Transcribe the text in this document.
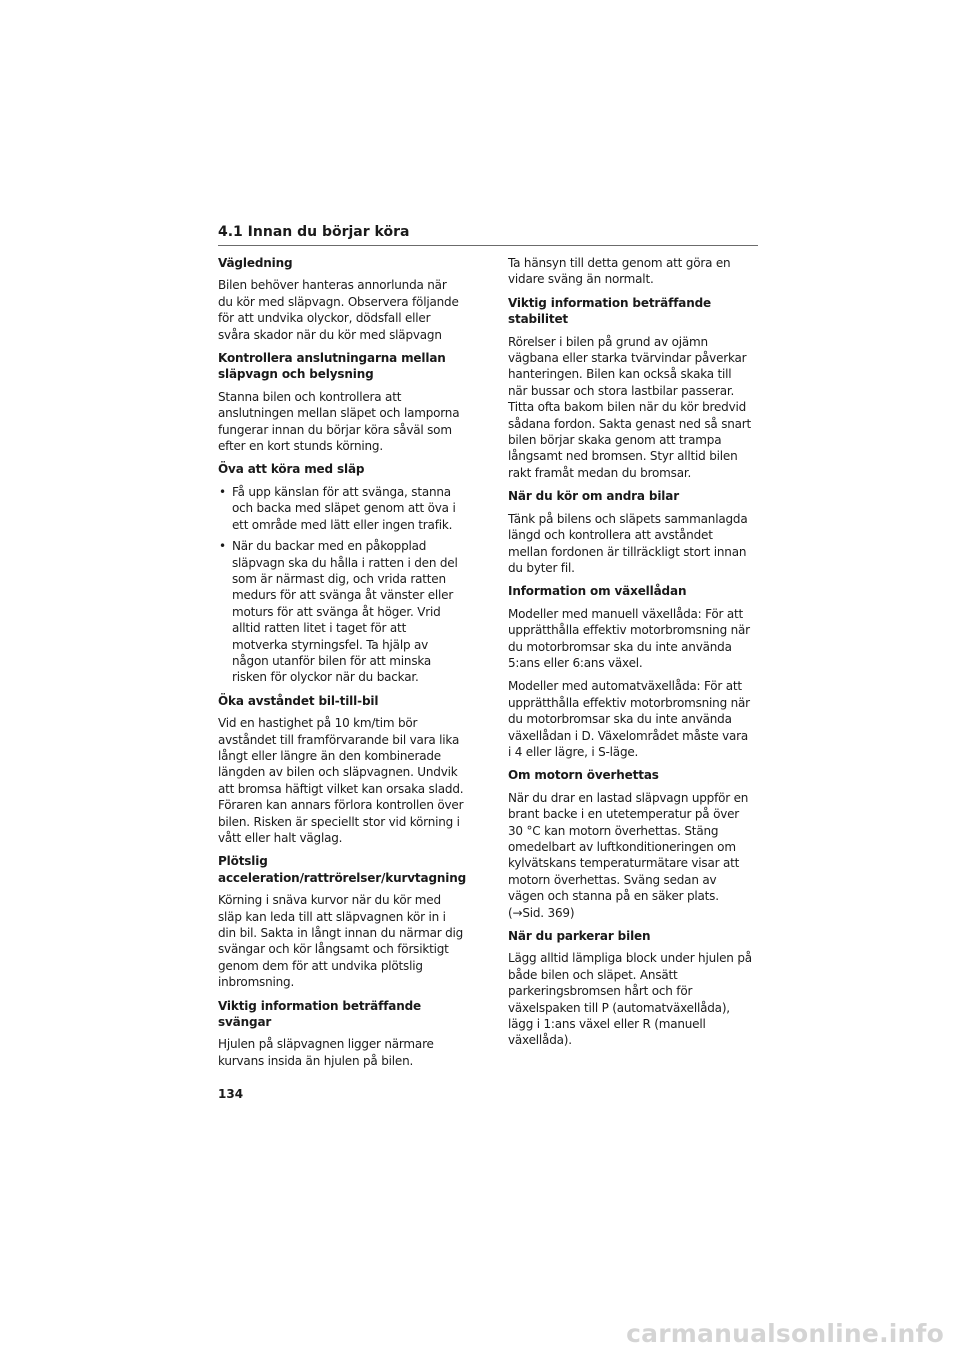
4.1 Innan du börjar köra
Vägledning
Bilen behöver hanteras annorlunda när du kör med släpvagn. Observera följande för att undvika olyckor, dödsfall eller svåra skador när du kör med släpvagn
Kontrollera anslutningarna mellan släpvagn och belysning
Stanna bilen och kontrollera att anslutningen mellan släpet och lamporna fungerar innan du börjar köra såväl som efter en kort stunds körning.
Öva att köra med släp
• Få upp känslan för att svänga, stanna och backa med släpet genom att öva i ett område med lätt eller ingen trafik.
• När du backar med en påkopplad släpvagn ska du hålla i ratten i den del som är närmast dig, och vrida ratten medurs för att svänga åt vänster eller moturs för att svänga åt höger. Vrid alltid ratten litet i taget för att motverka styrningsfel. Ta hjälp av någon utanför bilen för att minska risken för olyckor när du backar.
Öka avståndet bil-till-bil
Vid en hastighet på 10 km/tim bör avståndet till framförvarande bil vara lika långt eller längre än den kombinerade längden av bilen och släpvagnen. Undvik att bromsa häftigt vilket kan orsaka sladd. Föraren kan annars förlora kontrollen över bilen. Risken är speciellt stor vid körning i vått eller halt väglag.
Plötslig acceleration/rattrörelser/kurvtagning
Körning i snäva kurvor när du kör med släp kan leda till att släpvagnen kör in i din bil. Sakta in långt innan du närmar dig svängar och kör långsamt och försiktigt genom dem för att undvika plötslig inbromsning.
Viktig information beträffande svängar
Hjulen på släpvagnen ligger närmare kurvans insida än hjulen på bilen.
Ta hänsyn till detta genom att göra en vidare sväng än normalt.
Viktig information beträffande stabilitet
Rörelser i bilen på grund av ojämn vägbana eller starka tvärvindar påverkar hanteringen. Bilen kan också skaka till när bussar och stora lastbilar passerar. Titta ofta bakom bilen när du kör bredvid sådana fordon. Sakta genast ned så snart bilen börjar skaka genom att trampa långsamt ned bromsen. Styr alltid bilen rakt framåt medan du bromsar.
När du kör om andra bilar
Tänk på bilens och släpets sammanlagda längd och kontrollera att avståndet mellan fordonen är tillräckligt stort innan du byter fil.
Information om växellådan
Modeller med manuell växellåda: För att upprätthålla effektiv motorbromsning när du motorbromsar ska du inte använda 5:ans eller 6:ans växel.
Modeller med automatväxellåda: För att upprätthålla effektiv motorbromsning när du motorbromsar ska du inte använda växellådan i D. Växelområdet måste vara i 4 eller lägre, i S-läge.
Om motorn överhettas
När du drar en lastad släpvagn uppför en brant backe i en utetemperatur på över 30 °C kan motorn överhettas. Stäng omedelbart av luftkonditioneringen om kylvätskans temperaturmätare visar att motorn överhettas. Sväng sedan av vägen och stanna på en säker plats.
(→Sid. 369)
När du parkerar bilen
Lägg alltid lämpliga block under hjulen på både bilen och släpet. Ansätt parkeringsbromsen hårt och för växelspaken till P (automatväxellåda), lägg i 1:ans växel eller R (manuell växellåda).
134
carmanualsonline.info
